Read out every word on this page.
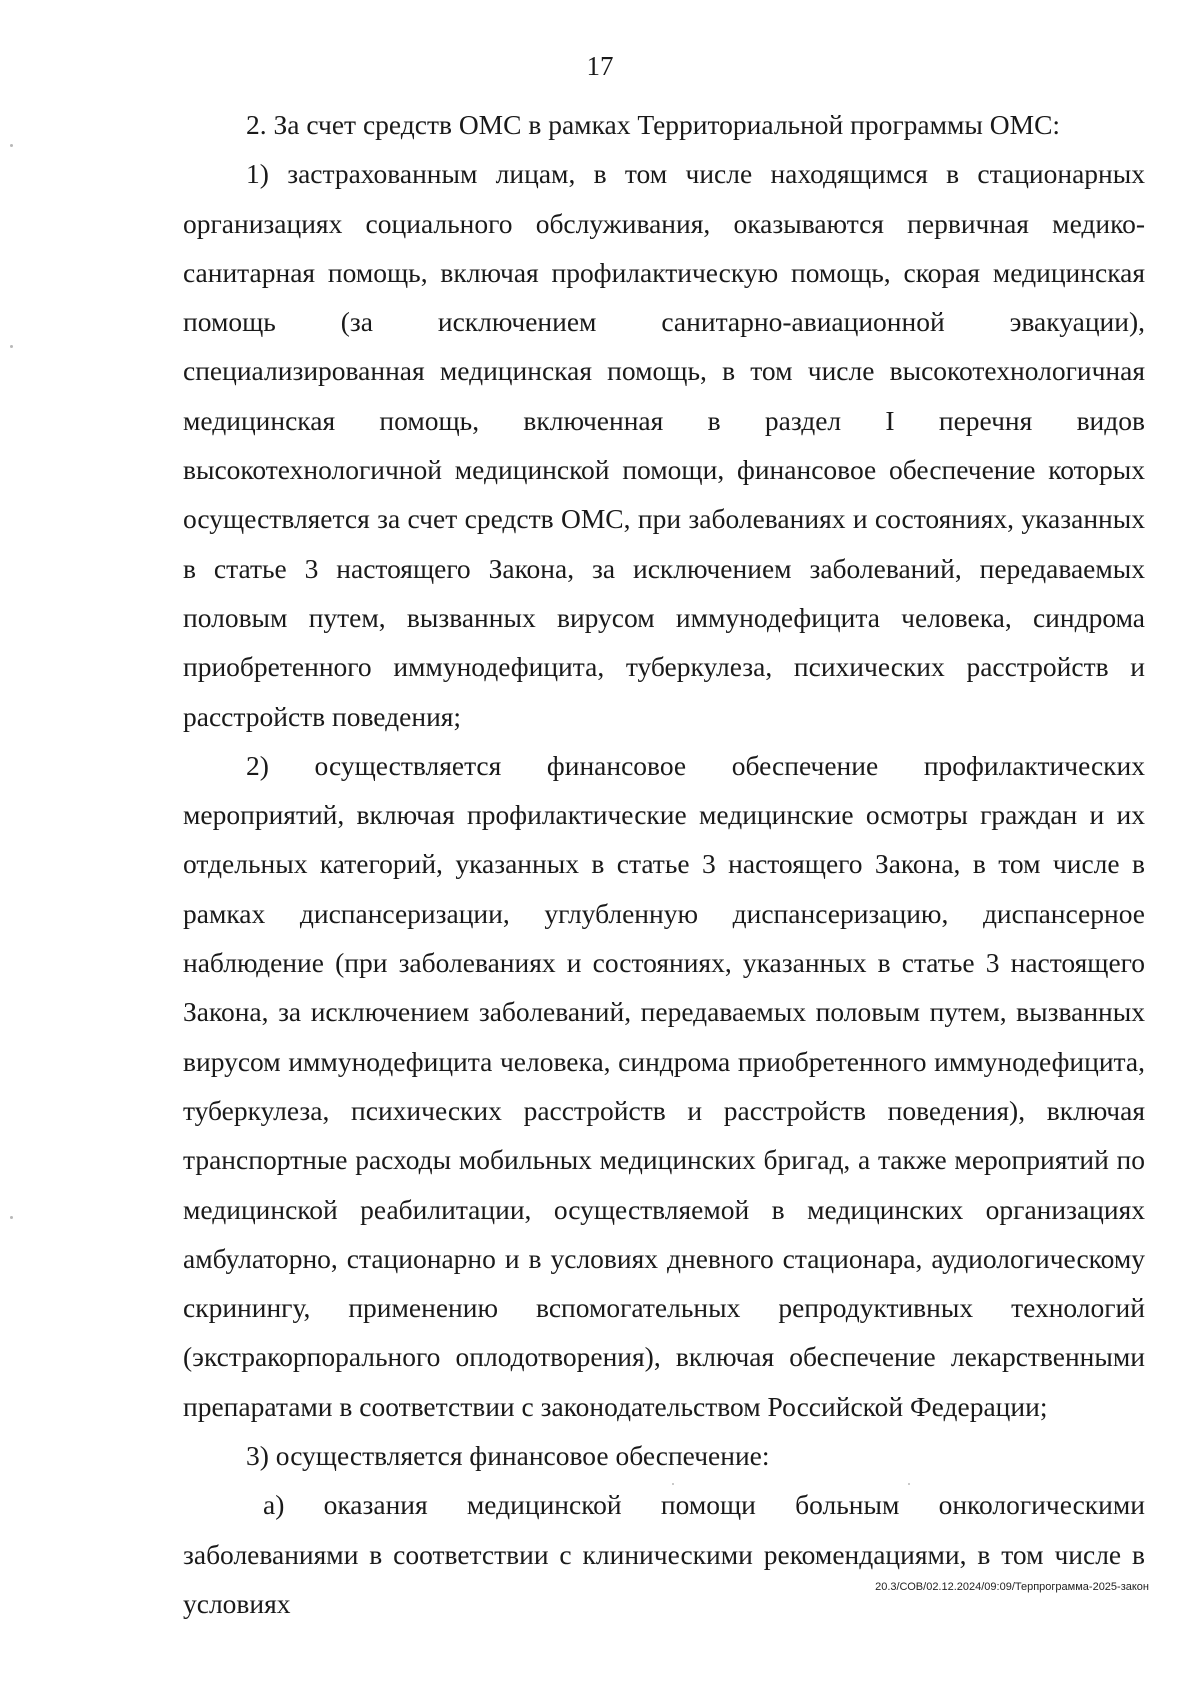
17

2. За счет средств ОМС в рамках Территориальной программы ОМС:

1) застрахованным лицам, в том числе находящимся в стационарных организациях социального обслуживания, оказываются первичная медико-санитарная помощь, включая профилактическую помощь, скорая медицинская помощь (за исключением санитарно-авиационной эвакуации), специализированная медицинская помощь, в том числе высокотехнологичная медицинская помощь, включенная в раздел I перечня видов высокотехнологичной медицинской помощи, финансовое обеспечение которых осуществляется за счет средств ОМС, при заболеваниях и состояниях, указанных в статье 3 настоящего Закона, за исключением заболеваний, передаваемых половым путем, вызванных вирусом иммунодефицита человека, синдрома приобретенного иммунодефицита, туберкулеза, психических расстройств и расстройств поведения;

2) осуществляется финансовое обеспечение профилактических мероприятий, включая профилактические медицинские осмотры граждан и их отдельных категорий, указанных в статье 3 настоящего Закона, в том числе в рамках диспансеризации, углубленную диспансеризацию, диспансерное наблюдение (при заболеваниях и состояниях, указанных в статье 3 настоящего Закона, за исключением заболеваний, передаваемых половым путем, вызванных вирусом иммунодефицита человека, синдрома приобретенного иммунодефицита, туберкулеза, психических расстройств и расстройств поведения), включая транспортные расходы мобильных медицинских бригад, а также мероприятий по медицинской реабилитации, осуществляемой в медицинских организациях амбулаторно, стационарно и в условиях дневного стационара, аудиологическому скринингу, применению вспомогательных репродуктивных технологий (экстракорпорального оплодотворения), включая обеспечение лекарственными препаратами в соответствии с законодательством Российской Федерации;

3) осуществляется финансовое обеспечение:

а) оказания медицинской помощи больным онкологическими заболеваниями в соответствии с клиническими рекомендациями, в том числе в условиях

20.3/СОВ/02.12.2024/09:09/Терпрограмма-2025-закон
